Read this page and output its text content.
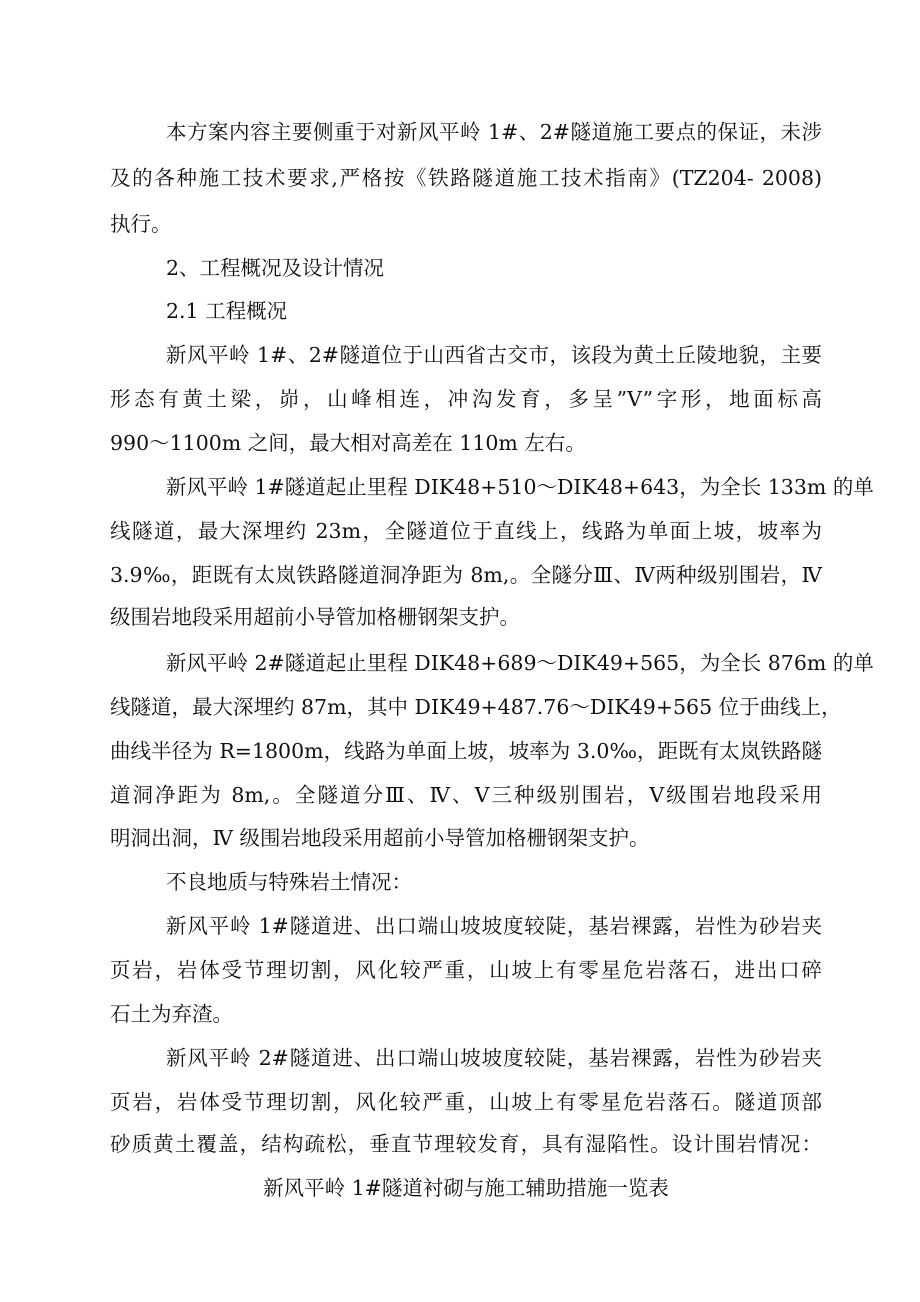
本方案内容主要侧重于对新风平岭 1#、2#隧道施工要点的保证，未涉
及的各种施工技术要求,严格按《铁路隧道施工技术指南》(TZ204- 2008)
执行。
2、工程概况及设计情况
2.1 工程概况
新风平岭 1#、2#隧道位于山西省古交市，该段为黄土丘陵地貌，主要
形态有黄土梁，峁，山峰相连，冲沟发育，多呈”V”字形，地面标高
990～1100m 之间，最大相对高差在 110m 左右。
新风平岭 1#隧道起止里程 DIK48+510～DIK48+643，为全长 133m 的单
线隧道，最大深埋约 23m，全隧道位于直线上，线路为单面上坡，坡率为
3.9‰，距既有太岚铁路隧道洞净距为 8m,。全隧分Ⅲ、Ⅳ两种级别围岩，Ⅳ
级围岩地段采用超前小导管加格栅钢架支护。
新风平岭 2#隧道起止里程 DIK48+689～DIK49+565，为全长 876m 的单
线隧道，最大深埋约 87m，其中 DIK49+487.76～DIK49+565 位于曲线上，
曲线半径为 R=1800m，线路为单面上坡，坡率为 3.0‰，距既有太岚铁路隧
道洞净距为 8m,。全隧道分Ⅲ、Ⅳ、Ⅴ三种级别围岩，Ⅴ级围岩地段采用
明洞出洞，Ⅳ 级围岩地段采用超前小导管加格栅钢架支护。
不良地质与特殊岩土情况：
新风平岭 1#隧道进、出口端山坡坡度较陡，基岩裸露，岩性为砂岩夹
页岩，岩体受节理切割，风化较严重，山坡上有零星危岩落石，进出口碎
石土为弃渣。
新风平岭 2#隧道进、出口端山坡坡度较陡，基岩裸露，岩性为砂岩夹
页岩，岩体受节理切割，风化较严重，山坡上有零星危岩落石。隧道顶部
砂质黄土覆盖，结构疏松，垂直节理较发育，具有湿陷性。设计围岩情况：
新风平岭 1#隧道衬砌与施工辅助措施一览表
